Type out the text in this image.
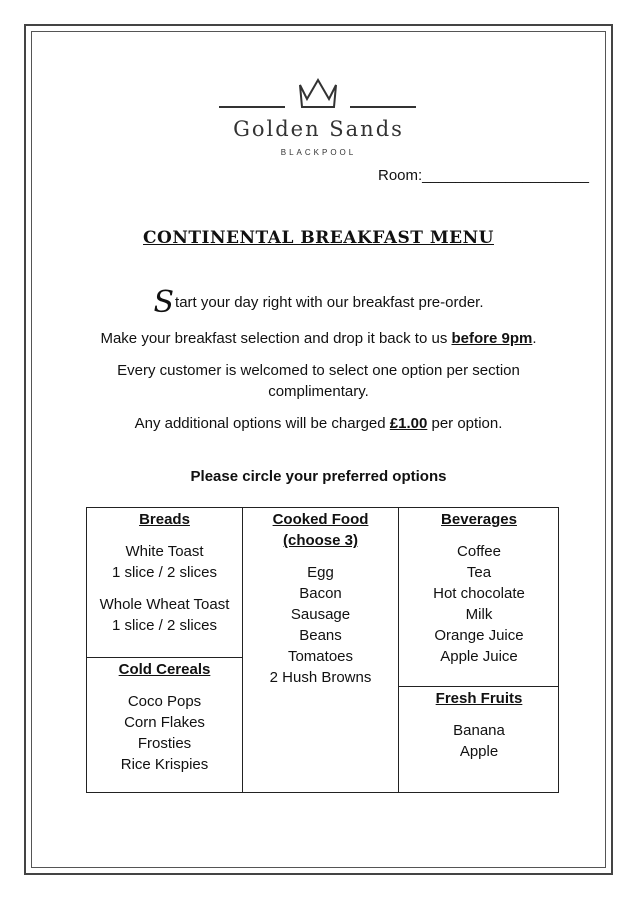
Golden Sands
BLACKPOOL
Room:____________________
CONTINENTAL BREAKFAST MENU

Start your day right with our breakfast pre-order.

Make your breakfast selection and drop it back to us before 9pm.

Every customer is welcomed to select one option per section complimentary.

Any additional options will be charged £1.00 per option.

Please circle your preferred options
Breads
White Toast
1 slice / 2 slices
Whole Wheat Toast
1 slice / 2 slices
Cold Cereals
Coco Pops
Corn Flakes
Frosties
Rice Krispies
Cooked Food
(choose 3)
Egg
Bacon
Sausage
Beans
Tomatoes
2 Hush Browns
Beverages
Coffee
Tea
Hot chocolate
Milk
Orange Juice
Apple Juice
Fresh Fruits
Banana
Apple
